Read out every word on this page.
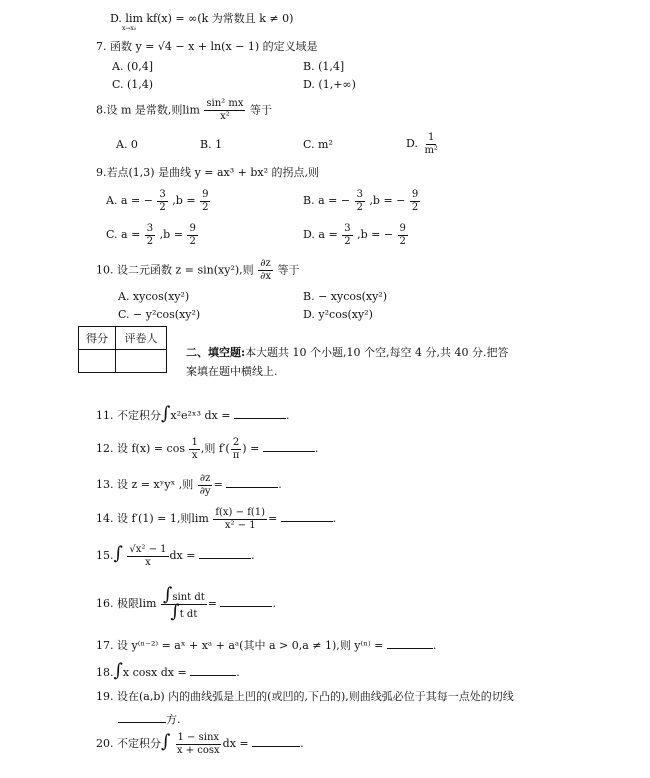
D. lim kf(x) = ∞(k 为常数且 k ≠ 0)
x→x₀
7. 函数 y = √4 − x + ln(x − 1) 的定义域是
A. (0,4]	B. (1,4]
C. (1,4)	D. (1,+∞)
8.设 m 是常数,则$\lim \frac{\text{sin² mx}}{\text{x²}}$ 等于
A. 0	B. 1	C. m²	D. $\frac{1}{\text{m²}}$
9.若点(1,3) 是曲线 y = ax³ + bx² 的拐点,则
A. a = − $\frac{3}{2} ,b = \frac{9}{2}$	B. a = − $\frac{3}{2} ,b$ = − $\frac{9}{2}$
C. $a = \frac{3}{2} ,b = \frac{9}{2}$	D. $a = \frac{3}{2} ,b$ = − $\frac{9}{2}$
10. 设二元函数 z = sin(xy²),则 $\frac{\partial z}{\partial x}$ 等于
A. xycos(xy²)	B. − xycos(xy²)
C. − y²cos(xy²)	D. y²cos(xy²)
得分	评卷人

二、填空题:本大题共 10 个小题,10 个空,每空 4 分,共 40 分.把答
案填在题中横线上.
11. 不定积分∫x²e²ˣ³ dx =	.
12. 设 $f(x) = \cos \frac{1}{x}$ ,则 $f'( \frac{2}{\pi}$ ) =	.
13. 设 z = xʸyˣ ,则 $\frac{\partial z}{\partial y}$ =	.
14. 设 f′(1) = 1,则$\lim \frac{f(x) - f(1)}{\text{x² − 1}}$ =	.
$15.\int \frac{\text{√x² − 1}}{x}$ dx =	.
16. 极限$\lim \frac{\text{∫sint dt}}{\text{∫t dt}}$ =	.
17. 设 y⁽ⁿ⁻²⁾ = aˣ + xᵃ + aᵃ(其中 a > 0,a ≠ 1),则 y⁽ⁿ⁾ =	.
18.∫x cosx dx =	.
19. 设在(a,b) 内的曲线弧是上凹的(或凹的,下凸的),则曲线弧必位于其每一点处的切线
方.
20. 不定积分∫ $\frac{1 - \sin x}{x + \cos x}$ dx =	.
